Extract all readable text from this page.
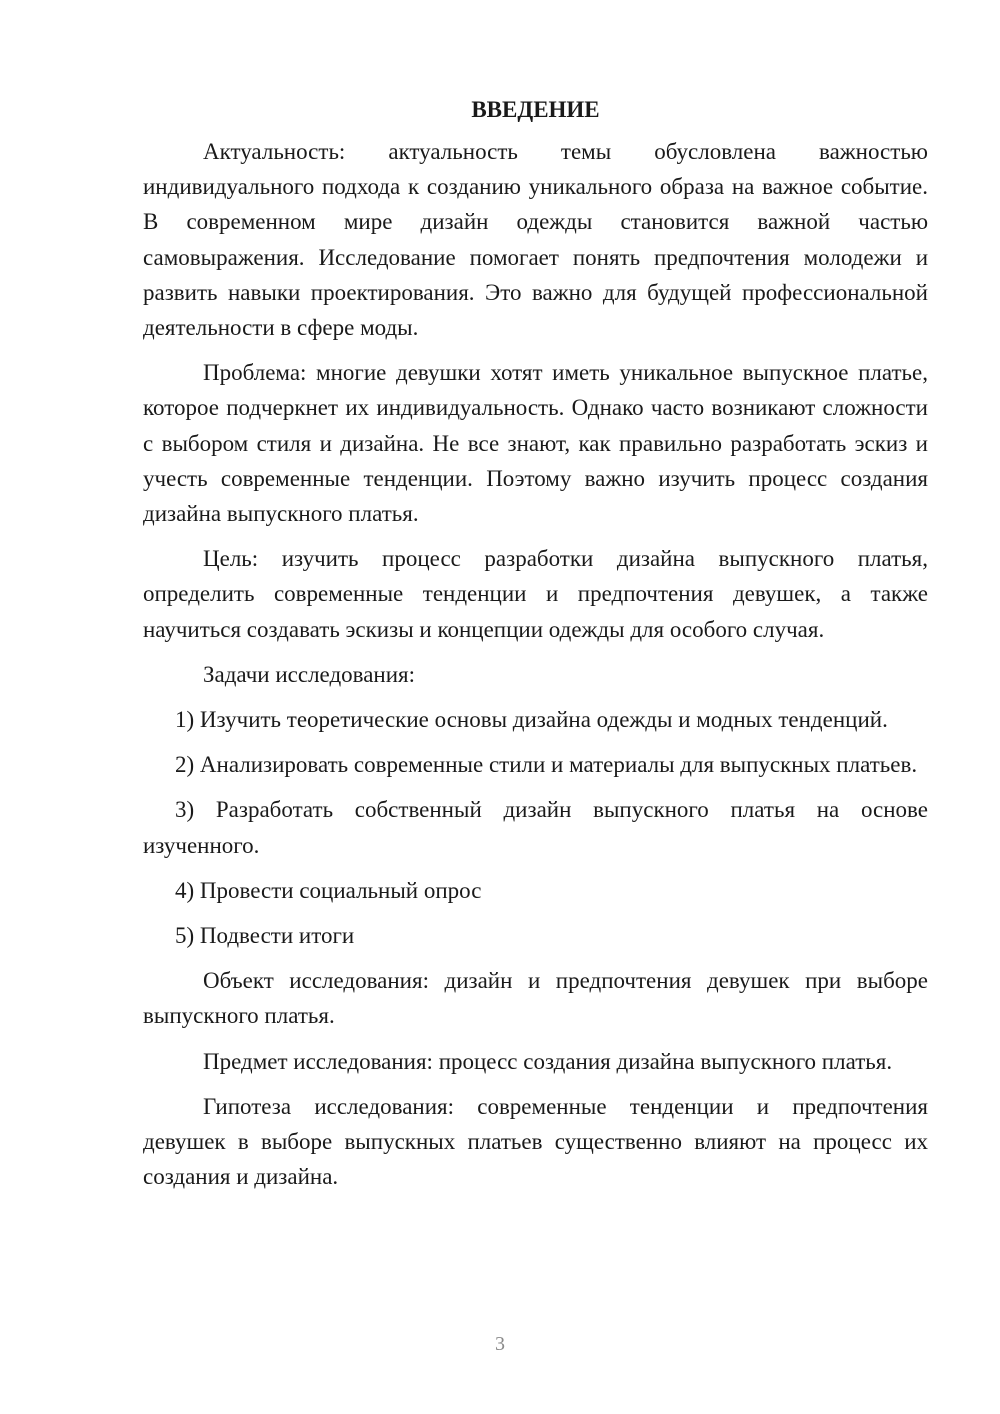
ВВЕДЕНИЕ

Актуальность: актуальность темы обусловлена важностью индивидуального подхода к созданию уникального образа на важное событие. В современном мире дизайн одежды становится важной частью самовыражения. Исследование помогает понять предпочтения молодежи и развить навыки проектирования. Это важно для будущей профессиональной деятельности в сфере моды.

Проблема: многие девушки хотят иметь уникальное выпускное платье, которое подчеркнет их индивидуальность. Однако часто возникают сложности с выбором стиля и дизайна. Не все знают, как правильно разработать эскиз и учесть современные тенденции. Поэтому важно изучить процесс создания дизайна выпускного платья.

Цель: изучить процесс разработки дизайна выпускного платья, определить современные тенденции и предпочтения девушек, а также научиться создавать эскизы и концепции одежды для особого случая.

Задачи исследования:

1) Изучить теоретические основы дизайна одежды и модных тенденций.

2) Анализировать современные стили и материалы для выпускных платьев.

3) Разработать собственный дизайн выпускного платья на основе изученного.

4) Провести социальный опрос

5) Подвести итоги

Объект исследования: дизайн и предпочтения девушек при выборе выпускного платья.

Предмет исследования: процесс создания дизайна выпускного платья.

Гипотеза исследования: современные тенденции и предпочтения девушек в выборе выпускных платьев существенно влияют на процесс их создания и дизайна.

3
